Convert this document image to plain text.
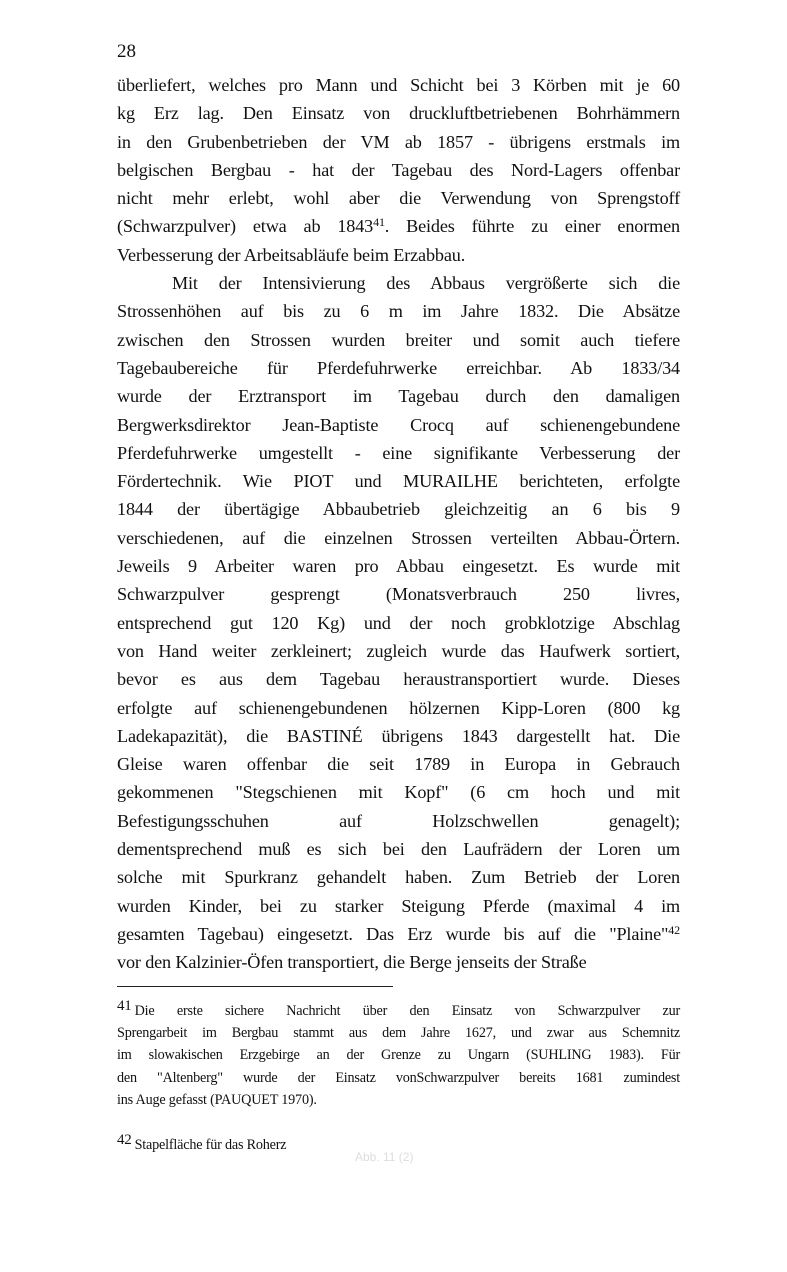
28
überliefert, welches pro Mann und Schicht bei 3 Körben mit je 60
kg Erz lag. Den Einsatz von druckluftbetriebenen Bohrhämmern
in den Grubenbetrieben der VM ab 1857 - übrigens erstmals im
belgischen Bergbau - hat der Tagebau des Nord-Lagers offenbar
nicht mehr erlebt, wohl aber die Verwendung von Sprengstoff
(Schwarzpulver) etwa ab 1843$^{41}$. Beides führte zu einer enormen
Verbesserung der Arbeitsabläufe beim Erzabbau.
Mit der Intensivierung des Abbaus vergrößerte sich die
Strossenhöhen auf bis zu 6 m im Jahre 1832. Die Absätze
zwischen den Strossen wurden breiter und somit auch tiefere
Tagebaubereiche für Pferdefuhrwerke erreichbar. Ab 1833/34
wurde der Erztransport im Tagebau durch den damaligen
Bergwerksdirektor Jean-Baptiste Crocq auf schienengebundene
Pferdefuhrwerke umgestellt - eine signifikante Verbesserung der
Fördertechnik. Wie PIOT und MURAILHE berichteten, erfolgte
1844 der übertägige Abbaubetrieb gleichzeitig an 6 bis 9
verschiedenen, auf die einzelnen Strossen verteilten Abbau-Örtern.
Jeweils 9 Arbeiter waren pro Abbau eingesetzt. Es wurde mit
Schwarzpulver gesprengt (Monatsverbrauch 250 livres,
entsprechend gut 120 Kg) und der noch grobklotzige Abschlag
von Hand weiter zerkleinert; zugleich wurde das Haufwerk sortiert,
bevor es aus dem Tagebau heraustransportiert wurde. Dieses
erfolgte auf schienengebundenen hölzernen Kipp-Loren (800 kg
Ladekapazität), die BASTINÉ übrigens 1843 dargestellt hat. Die
Gleise waren offenbar die seit 1789 in Europa in Gebrauch
gekommenen "Stegschienen mit Kopf" (6 cm hoch und mit
Befestigungsschuhen auf Holzschwellen genagelt);
dementsprechend muß es sich bei den Laufrädern der Loren um
solche mit Spurkranz gehandelt haben. Zum Betrieb der Loren
wurden Kinder, bei zu starker Steigung Pferde (maximal 4 im
gesamten Tagebau) eingesetzt. Das Erz wurde bis auf die "Plaine"$^{42}$
vor den Kalzinier-Öfen transportiert, die Berge jenseits der Straße
41 Die erste sichere Nachricht über den Einsatz von Schwarzpulver zur
Sprengarbeit im Bergbau stammt aus dem Jahre 1627, und zwar aus Schemnitz
im slowakischen Erzgebirge an der Grenze zu Ungarn (SUHLING 1983). Für
den "Altenberg" wurde der Einsatz vonSchwarzpulver bereits 1681 zumindest
ins Auge gefasst (PAUQUET 1970).
42 Stapelfläche für das Roherz
Abb. 11 (2)
